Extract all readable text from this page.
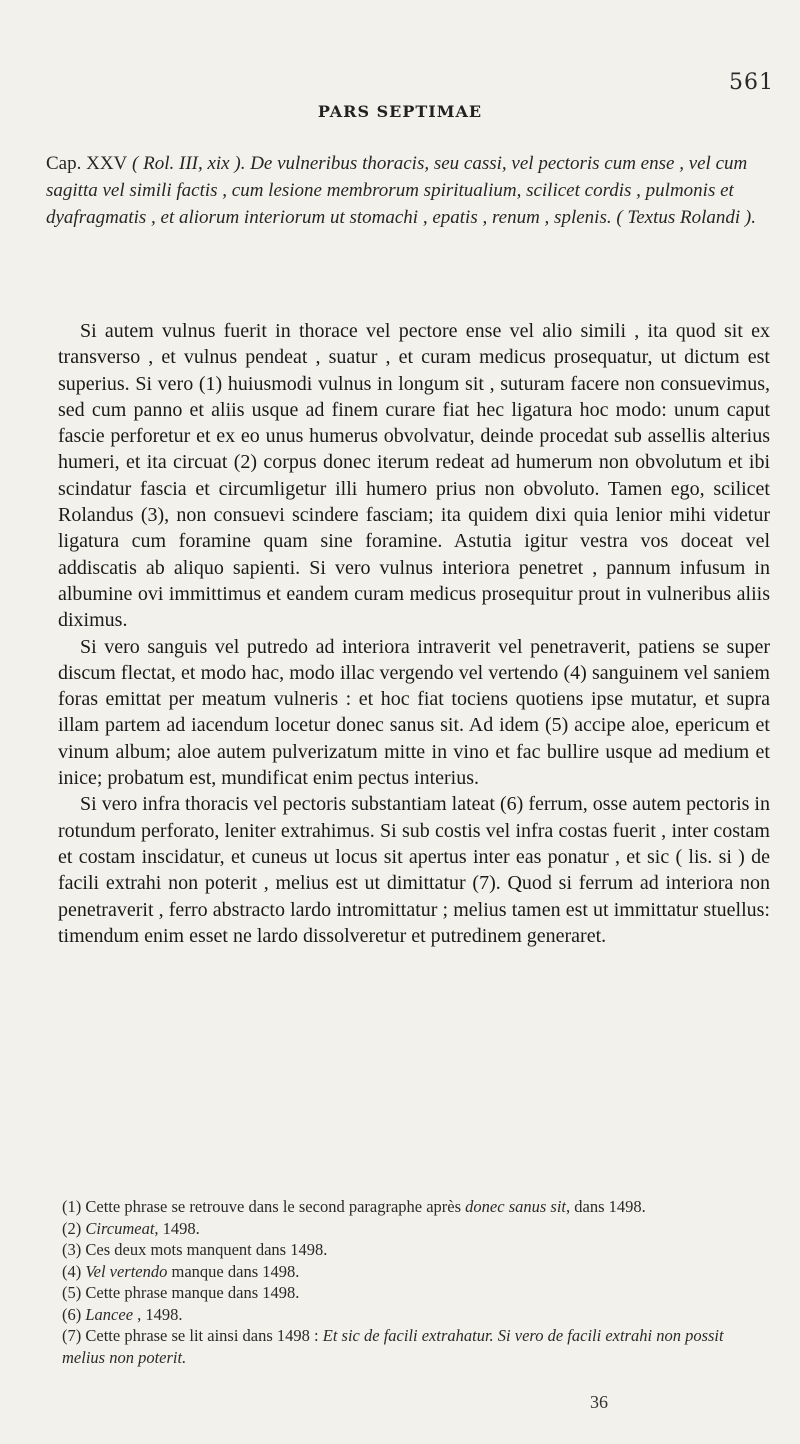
561
PARS SEPTIMAE
Cap. XXV ( Rol. III, xix ). De vulneribus thoracis, seu cassi, vel pectoris cum ense , vel cum sagitta vel simili factis , cum lesione membrorum spiritualium, scilicet cordis , pulmonis et dyafragmatis , et aliorum interiorum ut stomachi , epatis , renum , splenis. ( Textus Rolandi ).

Si autem vulnus fuerit in thorace vel pectore ense vel alio simili , ita quod sit ex transverso , et vulnus pendeat , suatur , et curam medicus prosequatur, ut dictum est superius. Si vero (1) huiusmodi vulnus in longum sit , suturam facere non consuevimus, sed cum panno et aliis usque ad finem curare fiat hec ligatura hoc modo: unum caput fascie perforetur et ex eo unus humerus obvolvatur, deinde procedat sub assellis alterius humeri, et ita circuat (2) corpus donec iterum redeat ad humerum non obvolutum et ibi scindatur fascia et circumligetur illi humero prius non obvoluto. Tamen ego, scilicet Rolandus (3), non consuevi scindere fasciam; ita quidem dixi quia lenior mihi videtur ligatura cum foramine quam sine foramine. Astutia igitur vestra vos doceat vel addiscatis ab aliquo sapienti. Si vero vulnus interiora penetret , pannum infusum in albumine ovi immittimus et eandem curam medicus prosequitur prout in vulneribus aliis diximus.

Si vero sanguis vel putredo ad interiora intraverit vel penetraverit, patiens se super discum flectat, et modo hac, modo illac vergendo vel vertendo (4) sanguinem vel saniem foras emittat per meatum vulneris : et hoc fiat tociens quotiens ipse mutatur, et supra illam partem ad iacendum locetur donec sanus sit. Ad idem (5) accipe aloe, epericum et vinum album; aloe autem pulverizatum mitte in vino et fac bullire usque ad medium et inice; probatum est, mundificat enim pectus interius.

Si vero infra thoracis vel pectoris substantiam lateat (6) ferrum, osse autem pectoris in rotundum perforato, leniter extrahimus. Si sub costis vel infra costas fuerit , inter costam et costam inscidatur, et cuneus ut locus sit apertus inter eas ponatur , et sic ( lis. si ) de facili extrahi non poterit , melius est ut dimittatur (7). Quod si ferrum ad interiora non penetraverit , ferro abstracto lardo intromittatur ; melius tamen est ut immittatur stuellus: timendum enim esset ne lardo dissolveretur et putredinem generaret.

(1) Cette phrase se retrouve dans le second paragraphe après donec sanus sit, dans 1498.

(2) Circumeat, 1498.

(3) Ces deux mots manquent dans 1498.

(4) Vel vertendo manque dans 1498.

(5) Cette phrase manque dans 1498.

(6) Lancee , 1498.

(7) Cette phrase se lit ainsi dans 1498 : Et sic de facili extrahatur. Si vero de facili extrahi non possit melius non poterit.

36
